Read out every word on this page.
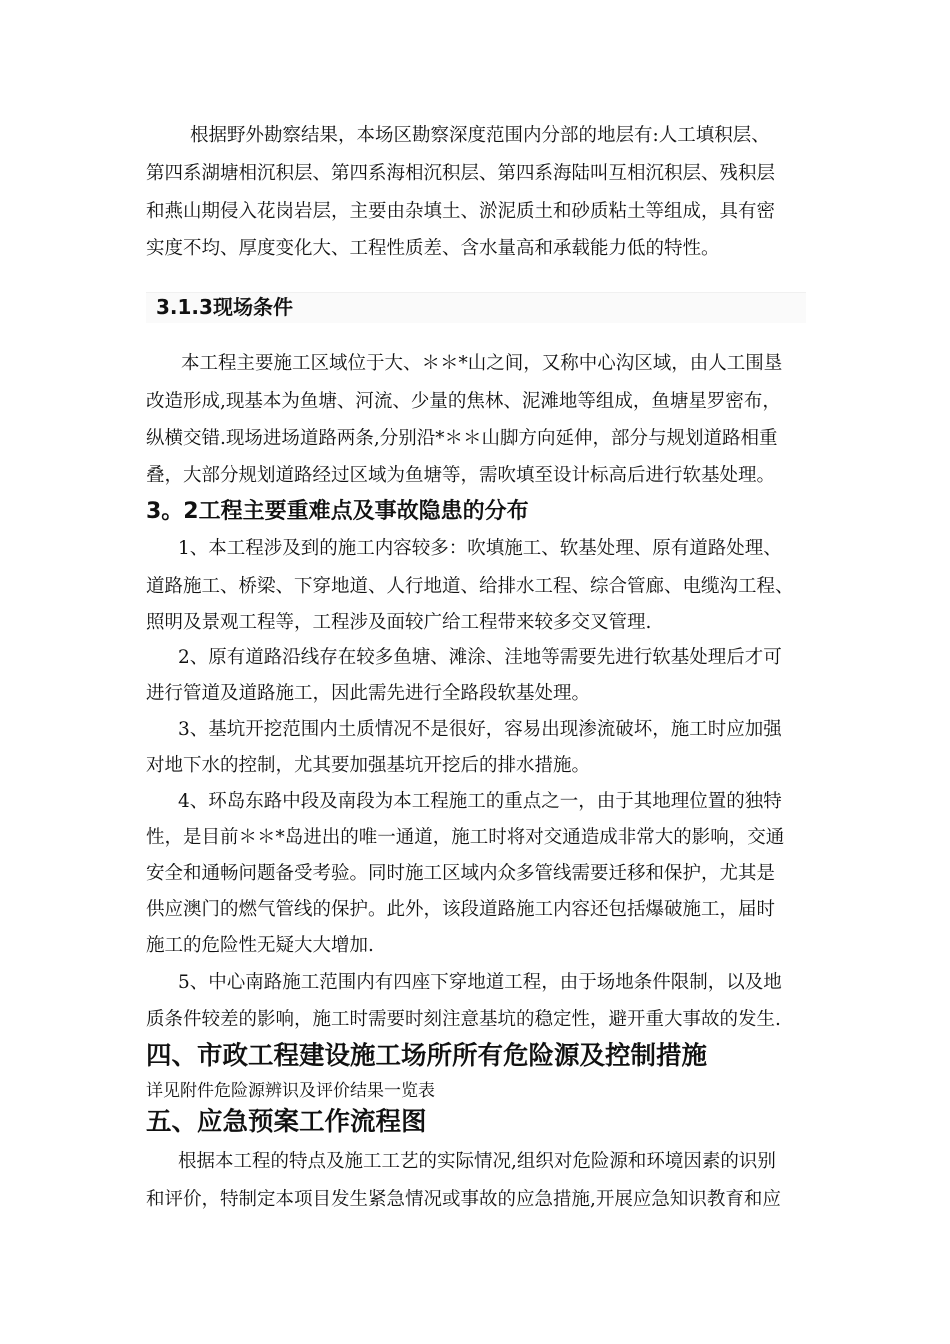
根据野外勘察结果，本场区勘察深度范围内分部的地层有:人工填积层、
第四系湖塘相沉积层、第四系海相沉积层、第四系海陆叫互相沉积层、残积层
和燕山期侵入花岗岩层，主要由杂填土、淤泥质土和砂质粘土等组成，具有密
实度不均、厚度变化大、工程性质差、含水量高和承载能力低的特性。
3.1.3现场条件
本工程主要施工区域位于大、＊＊*山之间，又称中心沟区域，由人工围垦
改造形成,现基本为鱼塘、河流、少量的焦林、泥滩地等组成，鱼塘星罗密布，
纵横交错.现场进场道路两条,分别沿*＊＊山脚方向延伸，部分与规划道路相重
叠，大部分规划道路经过区域为鱼塘等，需吹填至设计标高后进行软基处理。
3。2工程主要重难点及事故隐患的分布
1、本工程涉及到的施工内容较多：吹填施工、软基处理、原有道路处理、
道路施工、桥梁、下穿地道、人行地道、给排水工程、综合管廊、电缆沟工程、
照明及景观工程等，工程涉及面较广给工程带来较多交叉管理.
2、原有道路沿线存在较多鱼塘、滩涂、洼地等需要先进行软基处理后才可
进行管道及道路施工，因此需先进行全路段软基处理。
3、基坑开挖范围内土质情况不是很好，容易出现渗流破坏，施工时应加强
对地下水的控制，尤其要加强基坑开挖后的排水措施。
4、环岛东路中段及南段为本工程施工的重点之一，由于其地理位置的独特
性，是目前＊＊*岛进出的唯一通道，施工时将对交通造成非常大的影响，交通
安全和通畅问题备受考验。同时施工区域内众多管线需要迁移和保护，尤其是
供应澳门的燃气管线的保护。此外，该段道路施工内容还包括爆破施工，届时
施工的危险性无疑大大增加.
5、中心南路施工范围内有四座下穿地道工程，由于场地条件限制，以及地
质条件较差的影响，施工时需要时刻注意基坑的稳定性，避开重大事故的发生.
四、市政工程建设施工场所所有危险源及控制措施
详见附件危险源辨识及评价结果一览表
五、应急预案工作流程图
根据本工程的特点及施工工艺的实际情况,组织对危险源和环境因素的识别
和评价，特制定本项目发生紧急情况或事故的应急措施,开展应急知识教育和应
